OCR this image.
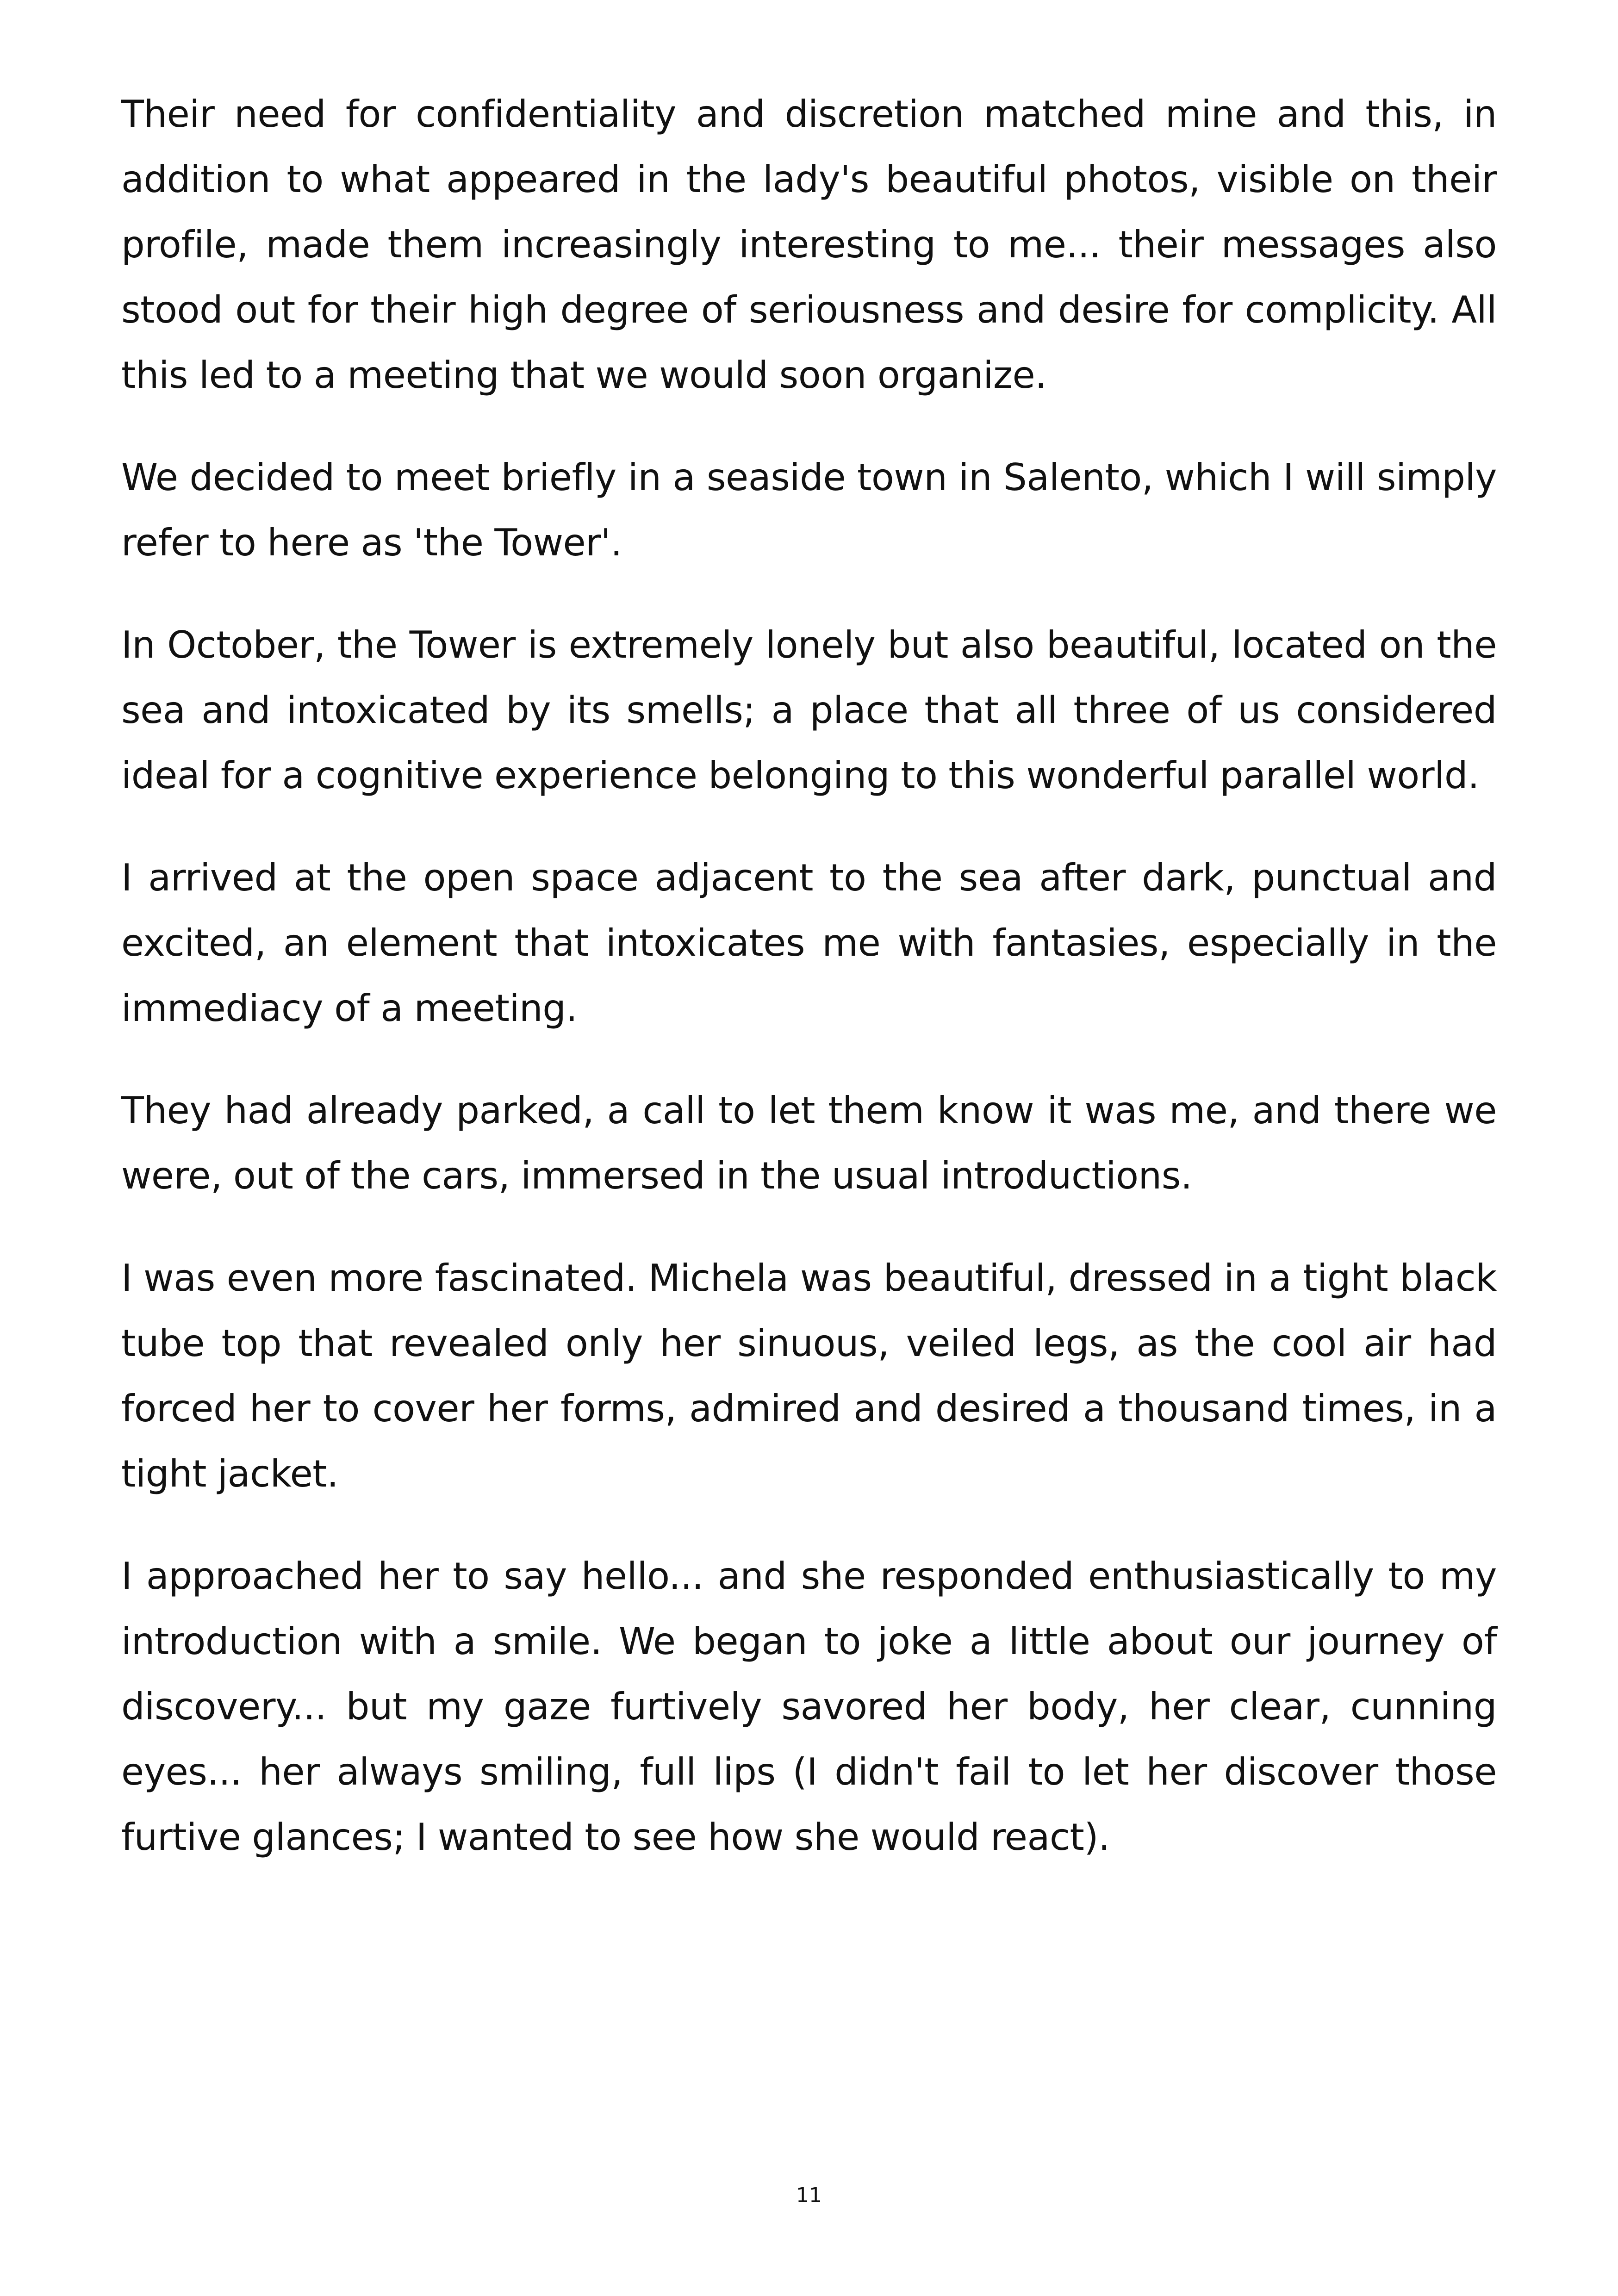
Their need for confidentiality and discretion matched mine and this, in addition to what appeared in the lady's beautiful photos, visible on their profile, made them increasingly interesting to me... their messages also stood out for their high degree of seriousness and desire for complicity. All this led to a meeting that we would soon organize.

We decided to meet briefly in a seaside town in Salento, which I will simply refer to here as 'the Tower'.

In October, the Tower is extremely lonely but also beautiful, located on the sea and intoxicated by its smells; a place that all three of us considered ideal for a cognitive experience belonging to this wonderful parallel world.

I arrived at the open space adjacent to the sea after dark, punctual and excited, an element that intoxicates me with fantasies, especially in the immediacy of a meeting.

They had already parked, a call to let them know it was me, and there we were, out of the cars, immersed in the usual introductions.

I was even more fascinated. Michela was beautiful, dressed in a tight black tube top that revealed only her sinuous, veiled legs, as the cool air had forced her to cover her forms, admired and desired a thousand times, in a tight jacket.

I approached her to say hello... and she responded enthusiastically to my introduction with a smile. We began to joke a little about our journey of discovery... but my gaze furtively savored her body, her clear, cunning eyes... her always smiling, full lips (I didn't fail to let her discover those furtive glances; I wanted to see how she would react).

11
